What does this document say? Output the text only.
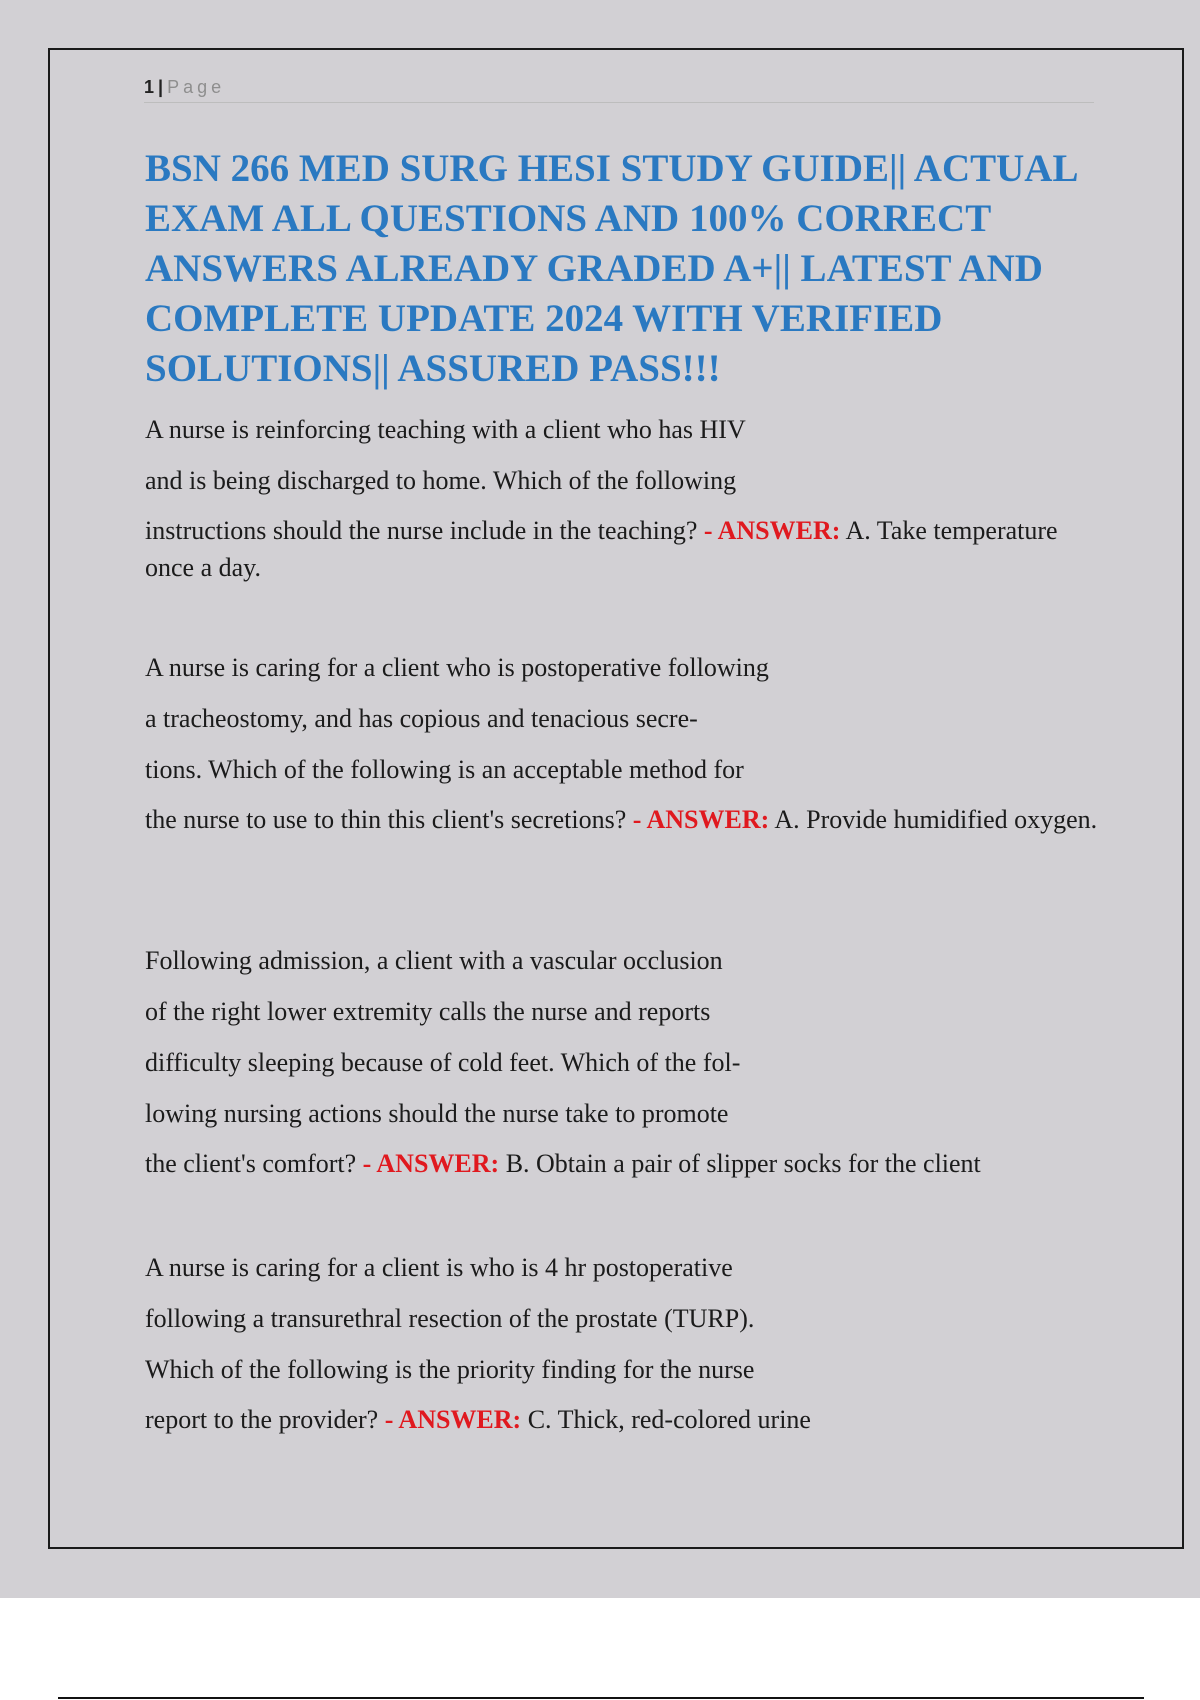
1 | Page
BSN 266 MED SURG HESI STUDY GUIDE|| ACTUAL EXAM ALL QUESTIONS AND 100% CORRECT ANSWERS ALREADY GRADED A+|| LATEST AND COMPLETE UPDATE 2024 WITH VERIFIED SOLUTIONS|| ASSURED PASS!!!
A nurse is reinforcing teaching with a client who has HIV
and is being discharged to home. Which of the following
instructions should the nurse include in the teaching? - ANSWER: A. Take temperature once a day.
A nurse is caring for a client who is postoperative following
a tracheostomy, and has copious and tenacious secre-
tions. Which of the following is an acceptable method for
the nurse to use to thin this client's secretions? - ANSWER: A. Provide humidified oxygen.
Following admission, a client with a vascular occlusion
of the right lower extremity calls the nurse and reports
difficulty sleeping because of cold feet. Which of the fol-
lowing nursing actions should the nurse take to promote
the client's comfort? - ANSWER: B. Obtain a pair of slipper socks for the client
A nurse is caring for a client is who is 4 hr postoperative
following a transurethral resection of the prostate (TURP).
Which of the following is the priority finding for the nurse
report to the provider? - ANSWER: C. Thick, red-colored urine
